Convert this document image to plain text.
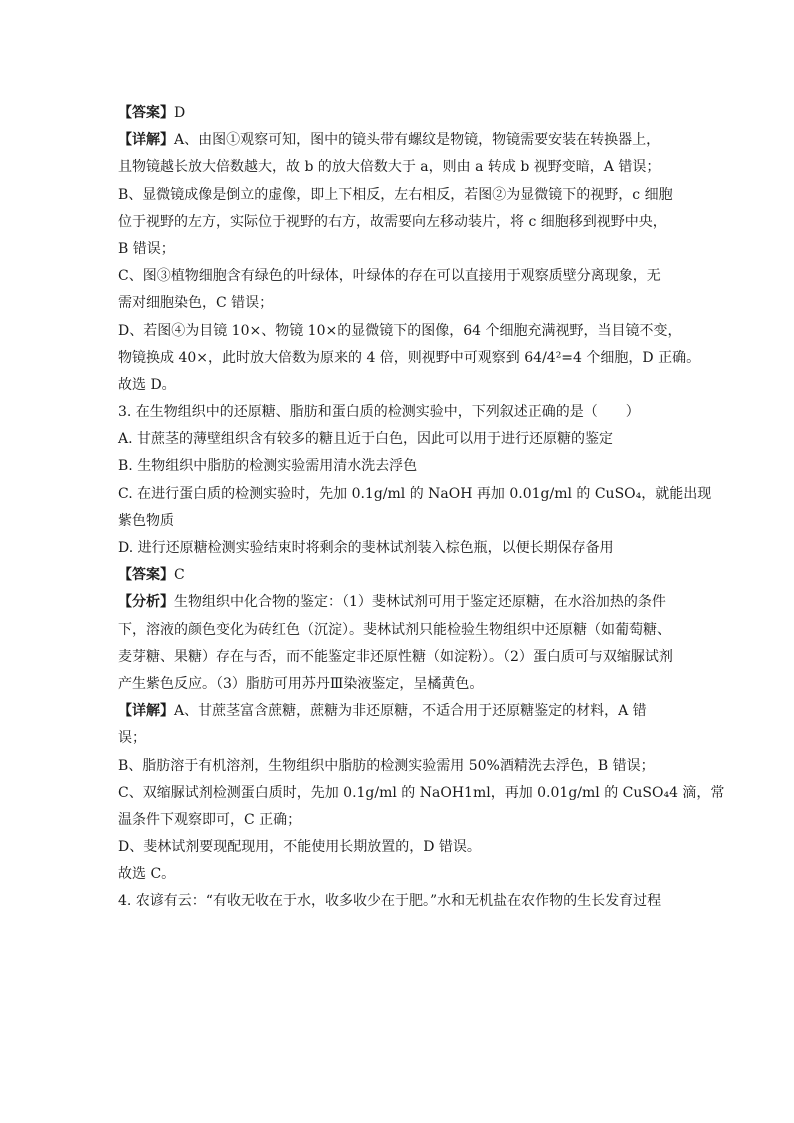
【答案】D
【详解】A、由图①观察可知，图中的镜头带有螺纹是物镜，物镜需要安装在转换器上，
且物镜越长放大倍数越大，故 b 的放大倍数大于 a，则由 a 转成 b 视野变暗，A 错误；
B、显微镜成像是倒立的虚像，即上下相反，左右相反，若图②为显微镜下的视野，c 细胞
位于视野的左方，实际位于视野的右方，故需要向左移动装片，将 c 细胞移到视野中央，
B 错误；
C、图③植物细胞含有绿色的叶绿体，叶绿体的存在可以直接用于观察质壁分离现象，无
需对细胞染色，C 错误；
D、若图④为目镜 10×、物镜 10×的显微镜下的图像，64 个细胞充满视野，当目镜不变，
物镜换成 40×，此时放大倍数为原来的 4 倍，则视野中可观察到 64/4²=4 个细胞，D 正确。
故选 D。
3. 在生物组织中的还原糖、脂肪和蛋白质的检测实验中，下列叙述正确的是（　　）
A. 甘蔗茎的薄壁组织含有较多的糖且近于白色，因此可以用于进行还原糖的鉴定
B. 生物组织中脂肪的检测实验需用清水洗去浮色
C. 在进行蛋白质的检测实验时，先加 0.1g/ml 的 NaOH 再加 0.01g/ml 的 CuSO₄，就能出现
紫色物质
D. 进行还原糖检测实验结束时将剩余的斐林试剂装入棕色瓶，以便长期保存备用
【答案】C
【分析】生物组织中化合物的鉴定：（1）斐林试剂可用于鉴定还原糖，在水浴加热的条件
下，溶液的颜色变化为砖红色（沉淀）。斐林试剂只能检验生物组织中还原糖（如葡萄糖、
麦芽糖、果糖）存在与否，而不能鉴定非还原性糖（如淀粉）。（2）蛋白质可与双缩脲试剂
产生紫色反应。（3）脂肪可用苏丹Ⅲ染液鉴定，呈橘黄色。
【详解】A、甘蔗茎富含蔗糖，蔗糖为非还原糖，不适合用于还原糖鉴定的材料，A 错
误；
B、脂肪溶于有机溶剂，生物组织中脂肪的检测实验需用 50%酒精洗去浮色，B 错误；
C、双缩脲试剂检测蛋白质时，先加 0.1g/ml 的 NaOH1ml，再加 0.01g/ml 的 CuSO₄4 滴，常
温条件下观察即可，C 正确；
D、斐林试剂要现配现用，不能使用长期放置的，D 错误。
故选 C。
4. 农谚有云：“有收无收在于水，收多收少在于肥。”水和无机盐在农作物的生长发育过程
